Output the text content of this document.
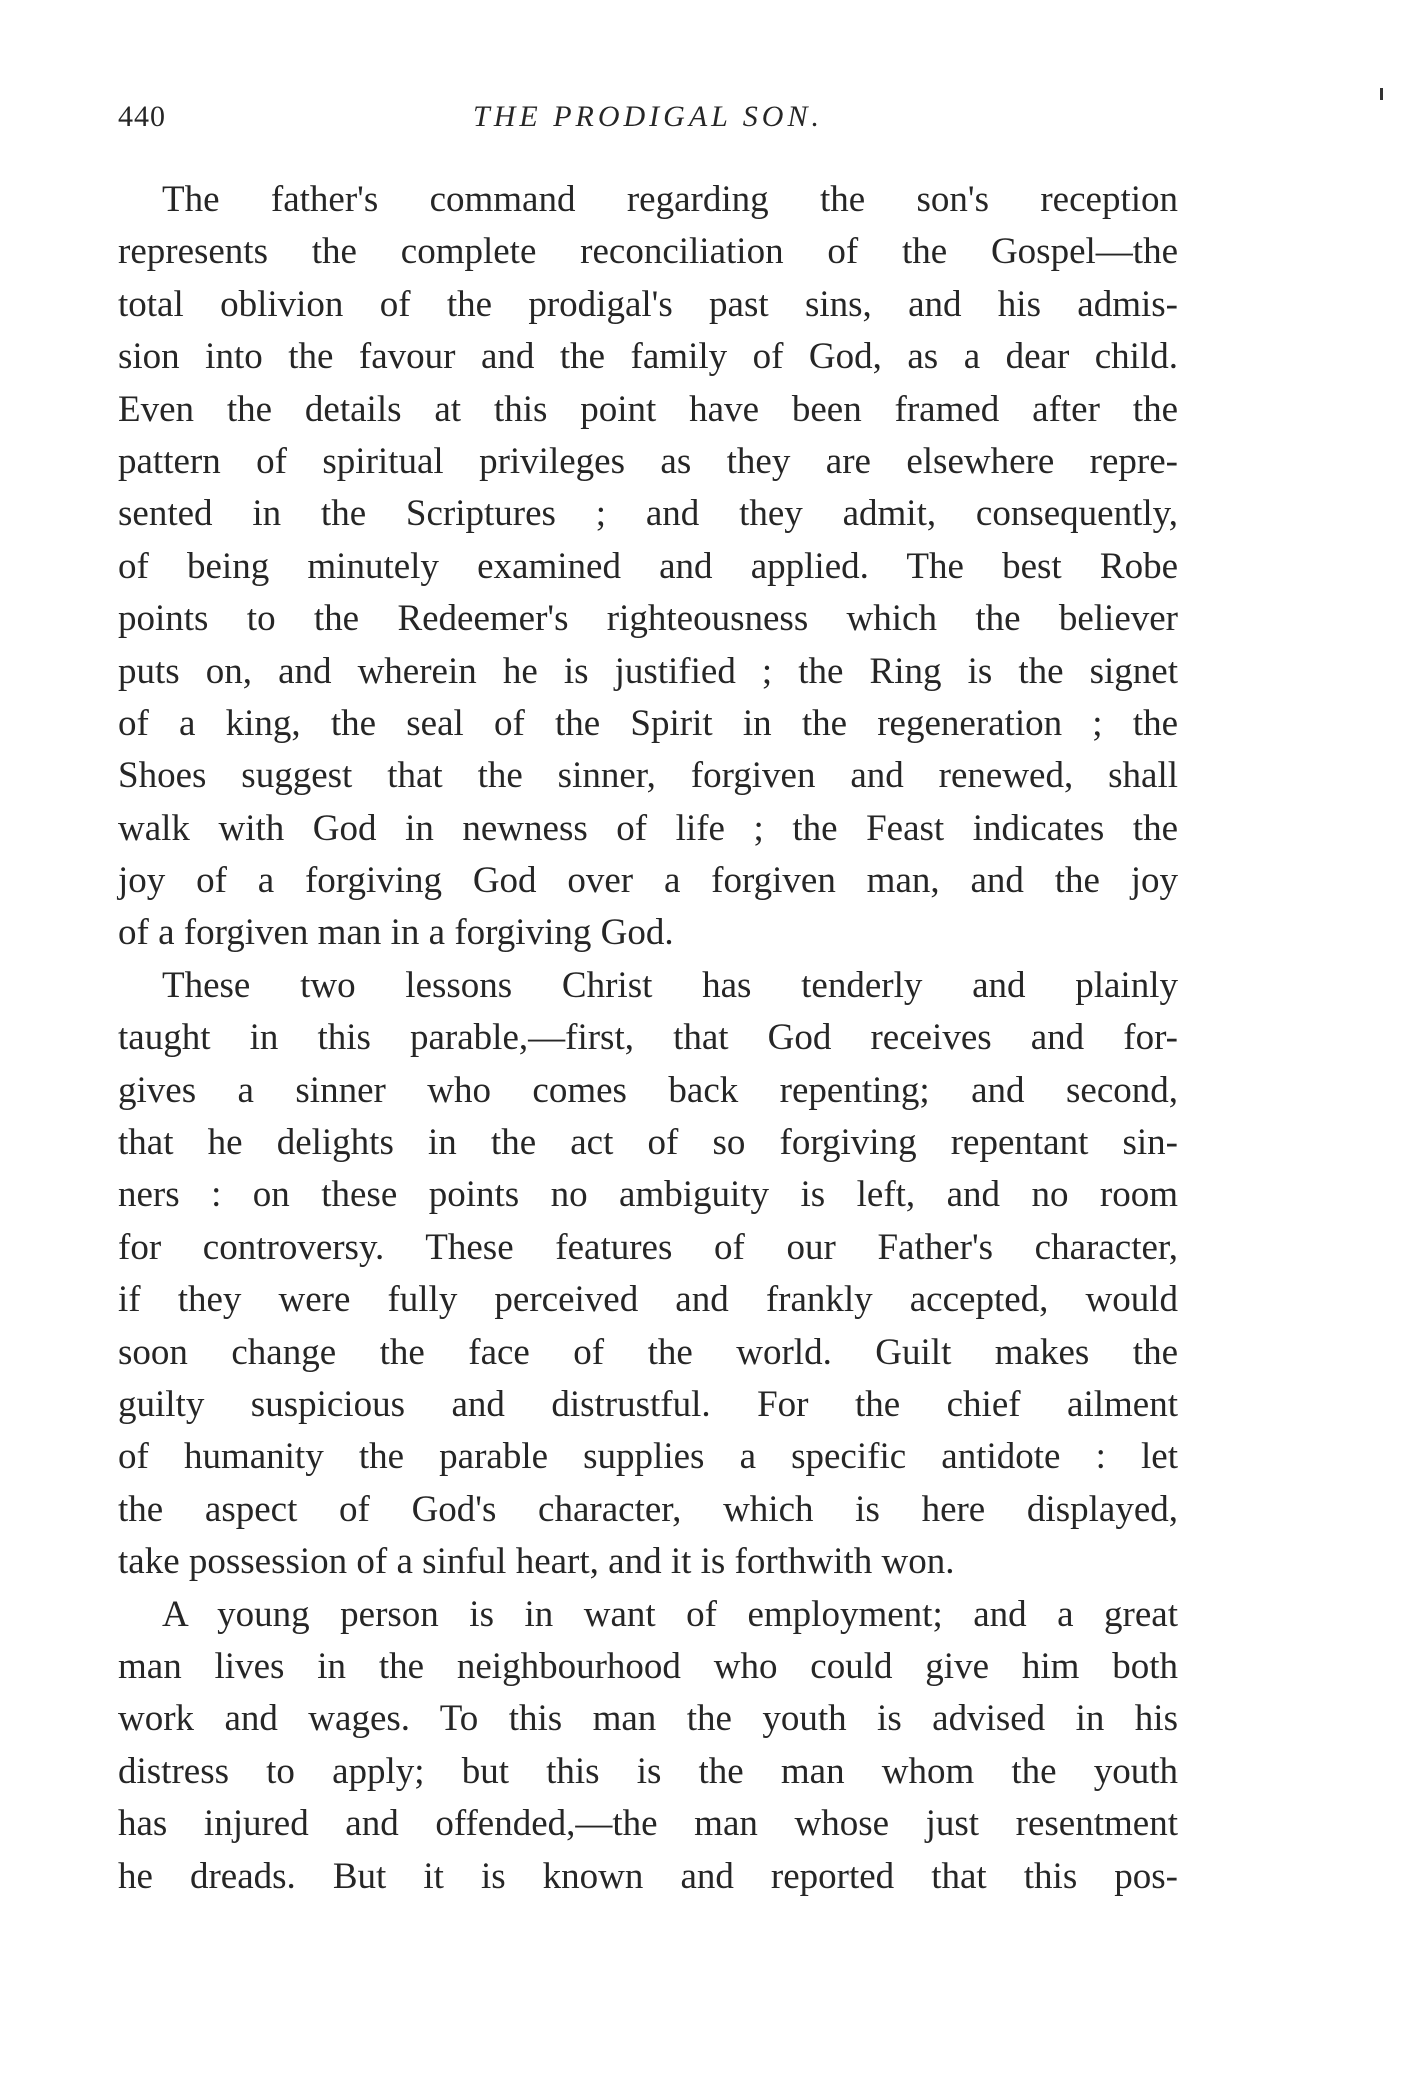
440	THE PRODIGAL SON.
The father's command regarding the son's reception
represents the complete reconciliation of the Gospel—the
total oblivion of the prodigal's past sins, and his admis-
sion into the favour and the family of God, as a dear child.
Even the details at this point have been framed after the
pattern of spiritual privileges as they are elsewhere repre-
sented in the Scriptures ; and they admit, consequently,
of being minutely examined and applied. The best Robe
points to the Redeemer's righteousness which the believer
puts on, and wherein he is justified ; the Ring is the signet
of a king, the seal of the Spirit in the regeneration ; the
Shoes suggest that the sinner, forgiven and renewed, shall
walk with God in newness of life ; the Feast indicates the
joy of a forgiving God over a forgiven man, and the joy
of a forgiven man in a forgiving God.
These two lessons Christ has tenderly and plainly
taught in this parable,—first, that God receives and for-
gives a sinner who comes back repenting; and second,
that he delights in the act of so forgiving repentant sin-
ners : on these points no ambiguity is left, and no room
for controversy. These features of our Father's character,
if they were fully perceived and frankly accepted, would
soon change the face of the world. Guilt makes the
guilty suspicious and distrustful. For the chief ailment
of humanity the parable supplies a specific antidote : let
the aspect of God's character, which is here displayed,
take possession of a sinful heart, and it is forthwith won.
A young person is in want of employment; and a great
man lives in the neighbourhood who could give him both
work and wages. To this man the youth is advised in his
distress to apply; but this is the man whom the youth
has injured and offended,—the man whose just resentment
he dreads. But it is known and reported that this pos-
